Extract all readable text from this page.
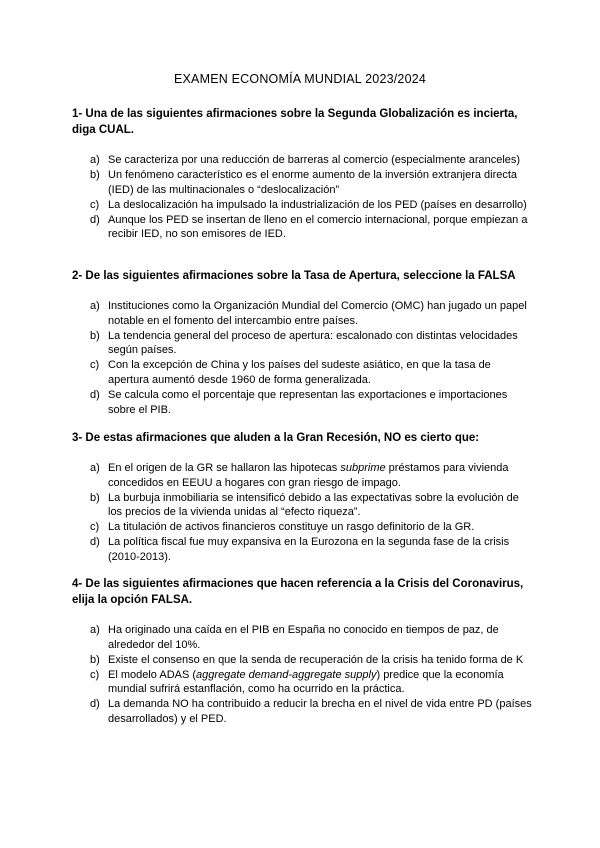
EXAMEN ECONOMÍA MUNDIAL 2023/2024

1- Una de las siguientes afirmaciones sobre la Segunda Globalización es incierta, diga CUAL.

a) Se caracteriza por una reducción de barreras al comercio (especialmente aranceles)
b) Un fenómeno característico es el enorme aumento de la inversión extranjera directa (IED) de las multinacionales o “deslocalización”
c) La deslocalización ha impulsado la industrialización de los PED (países en desarrollo)
d) Aunque los PED se insertan de lleno en el comercio internacional, porque empiezan a recibir IED, no son emisores de IED.

2- De las siguientes afirmaciones sobre la Tasa de Apertura, seleccione la FALSA

a) Instituciones como la Organización Mundial del Comercio (OMC) han jugado un papel notable en el fomento del intercambio entre países.
b) La tendencia general del proceso de apertura: escalonado con distintas velocidades según países.
c) Con la excepción de China y los países del sudeste asiático, en que la tasa de apertura aumentó desde 1960 de forma generalizada.
d) Se calcula como el porcentaje que representan las exportaciones e importaciones sobre el PIB.

3- De estas afirmaciones que aluden a la Gran Recesión, NO es cierto que:

a) En el origen de la GR se hallaron las hipotecas subprime préstamos para vivienda concedidos en EEUU a hogares con gran riesgo de impago.
b) La burbuja inmobiliaria se intensificó debido a las expectativas sobre la evolución de los precios de la vivienda unidas al “efecto riqueza”.
c) La titulación de activos financieros constituye un rasgo definitorio de la GR.
d) La política fiscal fue muy expansiva en la Eurozona en la segunda fase de la crisis (2010-2013).

4- De las siguientes afirmaciones que hacen referencia a la Crisis del Coronavirus, elija la opción FALSA.

a) Ha originado una caída en el PIB en España no conocido en tiempos de paz, de alrededor del 10%.
b) Existe el consenso en que la senda de recuperación de la crisis ha tenido forma de K
c) El modelo ADAS (aggregate demand-aggregate supply) predice que la economía mundial sufrirá estanflación, como ha ocurrido en la práctica.
d) La demanda NO ha contribuido a reducir la brecha en el nivel de vida entre PD (países desarrollados) y el PED.
